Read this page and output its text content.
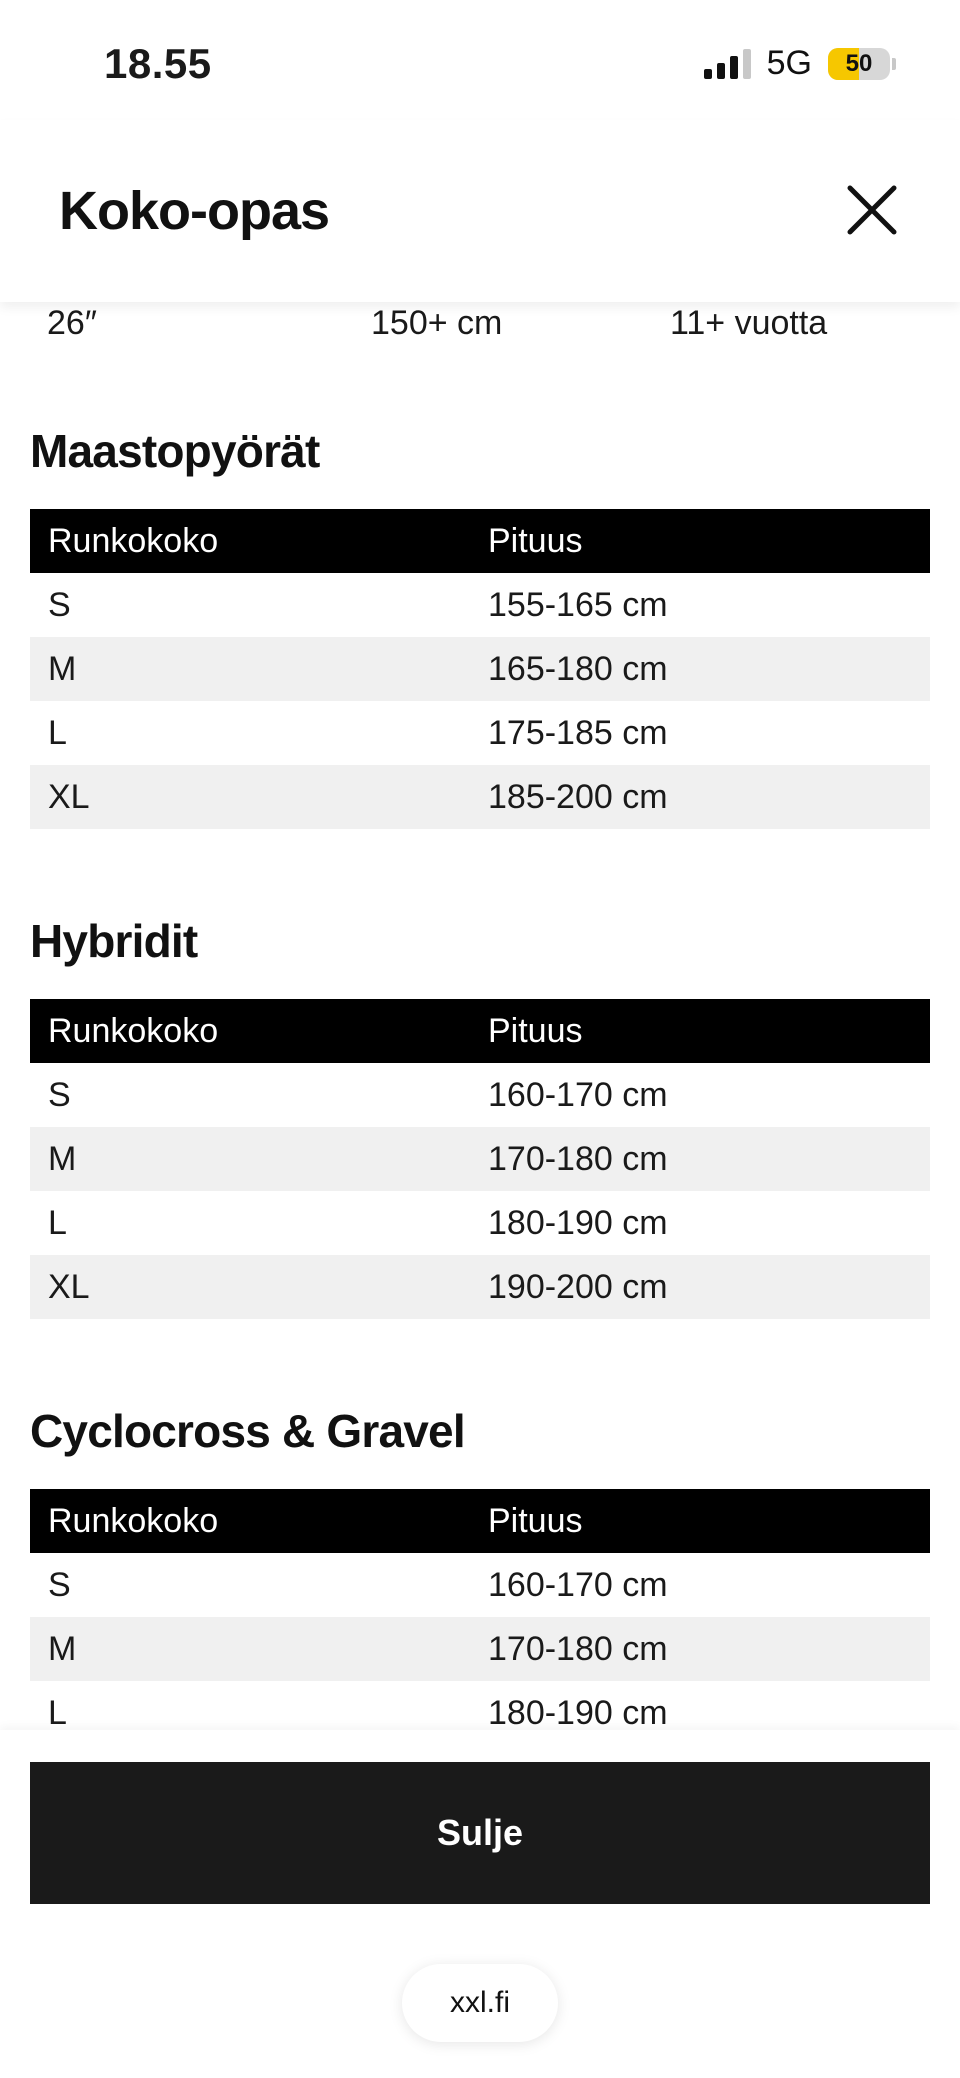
18.55	5G 50
Koko-opas
26″	150+ cm	11+ vuotta
Maastopyörät
Runkokoko	Pituus
S	155-165 cm
M	165-180 cm
L	175-185 cm
XL	185-200 cm
Hybridit
Runkokoko	Pituus
S	160-170 cm
M	170-180 cm
L	180-190 cm
XL	190-200 cm
Cyclocross & Gravel
Runkokoko	Pituus
S	160-170 cm
M	170-180 cm
L	180-190 cm
Sulje
xxl.fi
